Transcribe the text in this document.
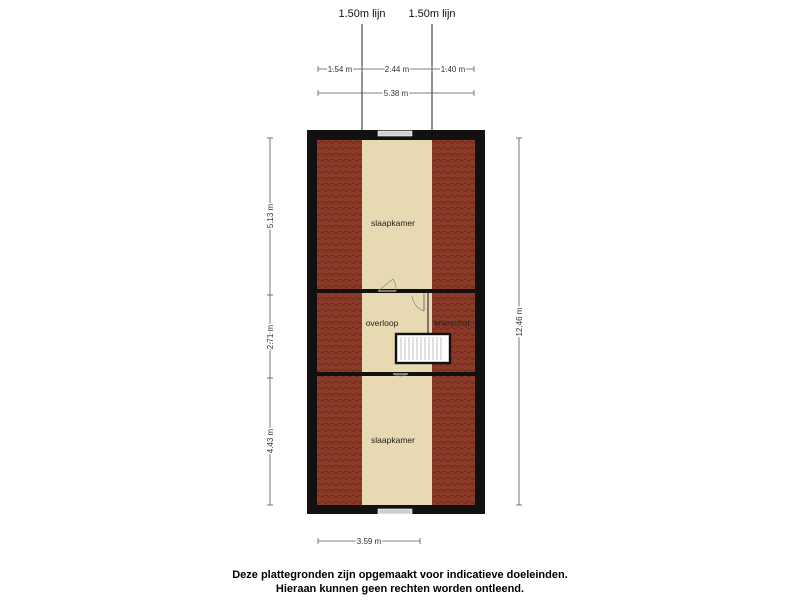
1.50m lijn 1.50m lijn
1.54 m	2.44 m	1.40 m
5.38 m
slaapkamer
overloop	knieschot
slaapkamer
5.13 m
2.71 m
4.43 m
12,46 m
3.59 m
Deze plattegronden zijn opgemaakt voor indicatieve doeleinden.
Hieraan kunnen geen rechten worden ontleend.
